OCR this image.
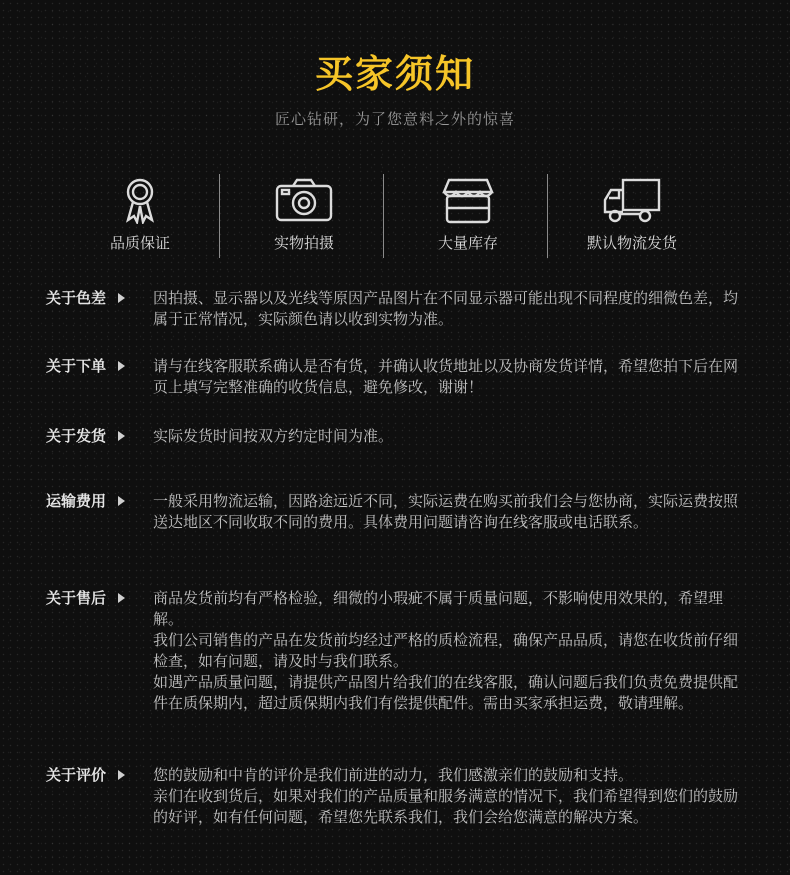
买家须知
匠心钻研，为了您意料之外的惊喜
品质保证	实物拍摄	大量库存	默认物流发货
关于色差	因拍摄、显示器以及光线等原因产品图片在不同显示器可能出现不同程度的细微色差，均属于正常情况，实际颜色请以收到实物为准。

关于下单	请与在线客服联系确认是否有货，并确认收货地址以及协商发货详情，希望您拍下后在网页上填写完整准确的收货信息，避免修改，谢谢！

关于发货	实际发货时间按双方约定时间为准。

运输费用	一般采用物流运输，因路途远近不同，实际运费在购买前我们会与您协商，实际运费按照送达地区不同收取不同的费用。具体费用问题请咨询在线客服或电话联系。

关于售后	商品发货前均有严格检验，细微的小瑕疵不属于质量问题，不影响使用效果的，希望理解。

我们公司销售的产品在发货前均经过严格的质检流程，确保产品品质，请您在收货前仔细检查，如有问题，请及时与我们联系。

如遇产品质量问题，请提供产品图片给我们的在线客服，确认问题后我们负责免费提供配件在质保期内，超过质保期内我们有偿提供配件。需由买家承担运费，敬请理解。

关于评价	您的鼓励和中肯的评价是我们前进的动力，我们感激亲们的鼓励和支持。

亲们在收到货后，如果对我们的产品质量和服务满意的情况下，我们希望得到您们的鼓励的好评，如有任何问题，希望您先联系我们，我们会给您满意的解决方案。
